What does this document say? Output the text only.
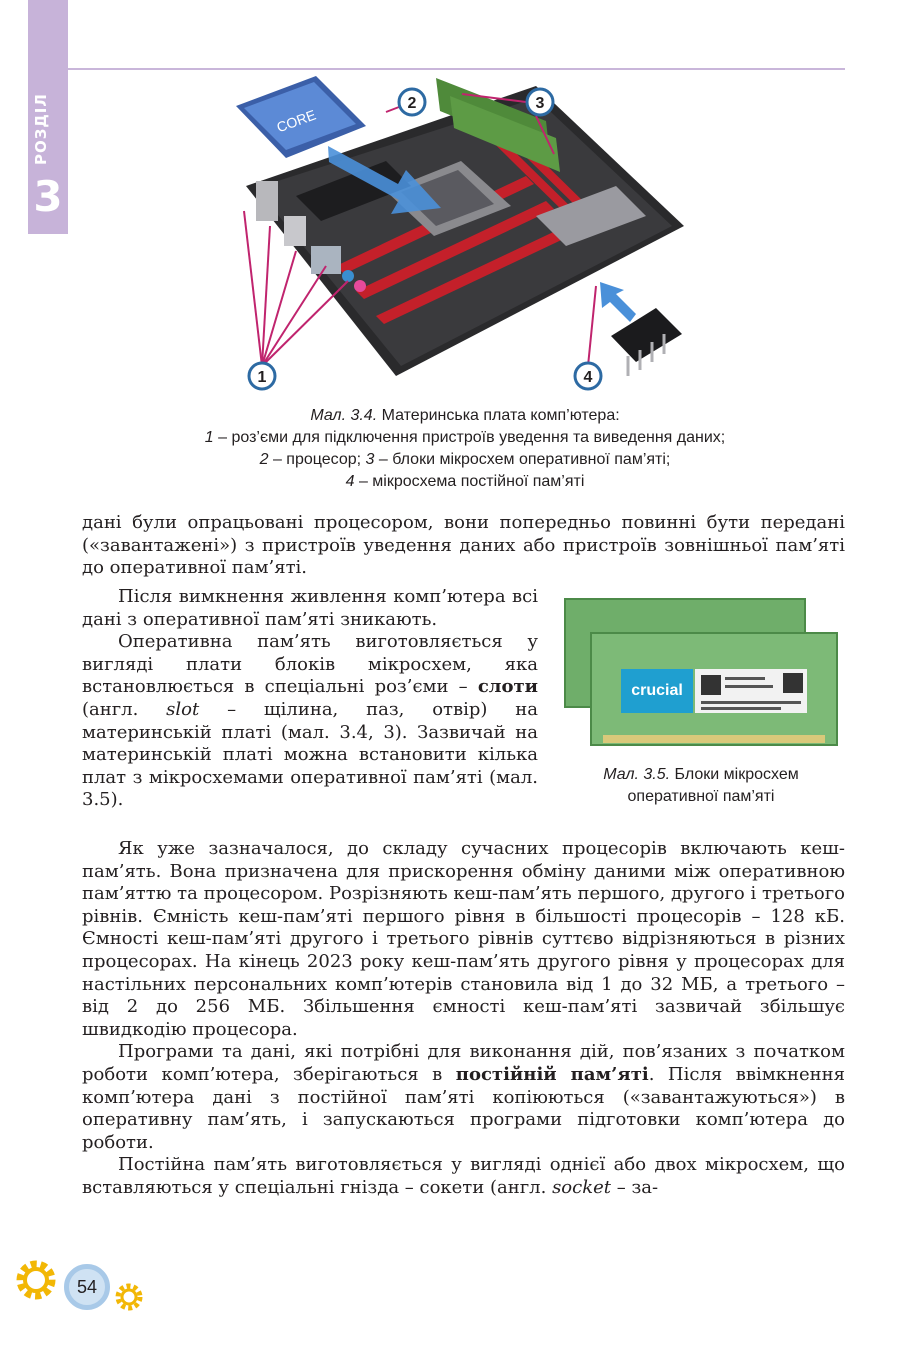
РОЗДІЛ
3
CORE
1
2	3
4
Мал. 3.4. Материнська плата комп’ютера:
1 – роз’єми для підключення пристроїв уведення та виведення даних;
2 – процесор; 3 – блоки мікросхем оперативної пам’яті;
4 – мікросхема постійної пам’яті
crucial
Мал. 3.5. Блоки мікросхем
оперативної пам’яті

дані були опрацьовані процесором, вони попередньо повинні бути передані («завантажені») з пристроїв уведення даних або пристроїв зовнішньої пам’яті до оперативної пам’яті.

Після вимкнення живлення комп’ютера всі дані з оперативної пам’яті зникають.

Оперативна пам’ять виготовляється у вигляді плати блоків мікросхем, яка встановлюється в спеціальні роз’єми – слоти (англ. slot – щілина, паз, отвір) на материнській платі (мал. 3.4, 3). Зазвичай на материнській платі можна встановити кілька плат з мікросхемами оперативної пам’яті (мал. 3.5).

Як уже зазначалося, до складу сучасних процесорів включають кеш-пам’ять. Вона призначена для прискорення обміну даними між оперативною пам’яттю та процесором. Розрізняють кеш-пам’ять першого, другого і третього рівнів. Ємність кеш-пам’яті першого рівня в більшості процесорів – 128 кБ. Ємності кеш-пам’яті другого і третього рівнів суттєво відрізняються в різних процесорах. На кінець 2023 року кеш-пам’ять другого рівня у процесорах для настільних персональних комп’ютерів становила від 1 до 32 МБ, а третього – від 2 до 256 МБ. Збільшення ємності кеш-пам’яті зазвичай збільшує швидкодію процесора.

Програми та дані, які потрібні для виконання дій, пов’язаних з початком роботи комп’ютера, зберігаються в постійній пам’яті. Після ввімкнення комп’ютера дані з постійної пам’яті копіюються («завантажуються») в оперативну пам’ять, і запускаються програми підготовки комп’ютера до роботи.

Постійна пам’ять виготовляється у вигляді однієї або двох мікросхем, що вставляються у спеціальні гнізда – сокети (англ. socket – за-

54
